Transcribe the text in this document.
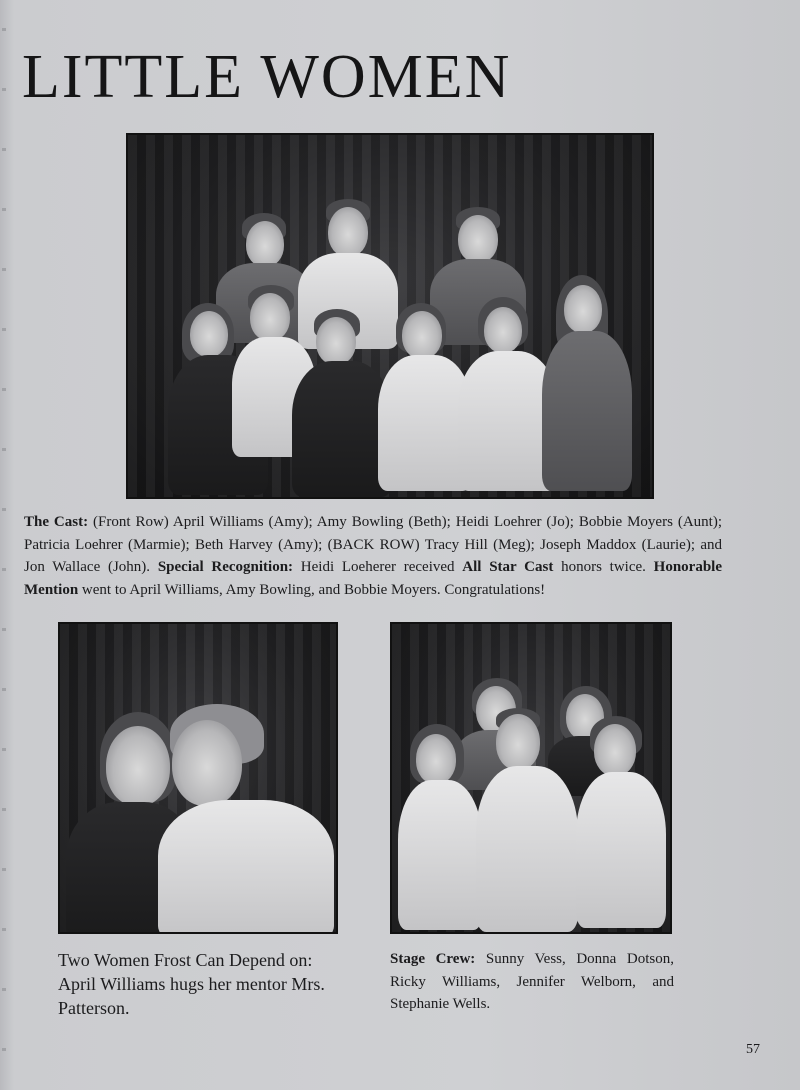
LITTLE WOMEN

The Cast: (Front Row) April Williams (Amy); Amy Bowling (Beth); Heidi Loehrer (Jo); Bobbie Moyers (Aunt); Patricia Loehrer (Marmie); Beth Harvey (Amy); (BACK ROW) Tracy Hill (Meg); Joseph Maddox (Laurie); and Jon Wallace (John). Special Recognition: Heidi Loeherer received All Star Cast honors twice. Honorable Mention went to April Williams, Amy Bowling, and Bobbie Moyers. Congratulations!

Two Women Frost Can Depend on: April Williams hugs her mentor Mrs. Patterson.

Stage Crew: Sunny Vess, Donna Dotson, Ricky Williams, Jennifer Welborn, and Stephanie Wells.

57
